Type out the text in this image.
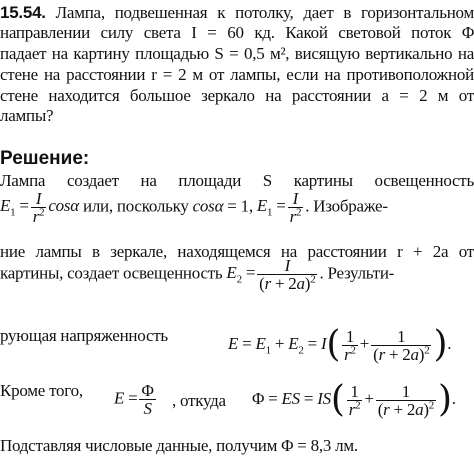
15.54. Лампа, подвешенная к потолку, дает в горизонтальном
направлении силу света I = 60 кд. Какой световой поток Φ
падает на картину площадью S = 0,5 м², висящую вертикально на
стене на расстоянии r = 2 м от лампы, если на противоположной
стене находится большое зеркало на расстоянии a = 2 м от
лампы?
Решение:
Лампа создает на площади S картины освещенность
$E_1 = \frac{I}{r^2}$ cosα или, поскольку cosα = 1, $E_1 = \frac{I}{r^2}$ . Изображе-
ние лампы в зеркале, находящемся на расстоянии r + 2a от
картины, создает освещенность $E_2 = \frac{I}{(r + 2a)^2}$ . Результи-
рующая напряженность	$E = E_1 + E_2 = I( \frac{1}{r^2} + \frac{1}{(r + 2a)^2}$ ).
Кроме того, $E = \frac{\Phi}{S}$ , откуда Φ = ES = $IS( \frac{1}{r^2} + \frac{1}{(r + 2a)^2}$ ).
Подставляя числовые данные, получим Φ = 8,3 лм.
